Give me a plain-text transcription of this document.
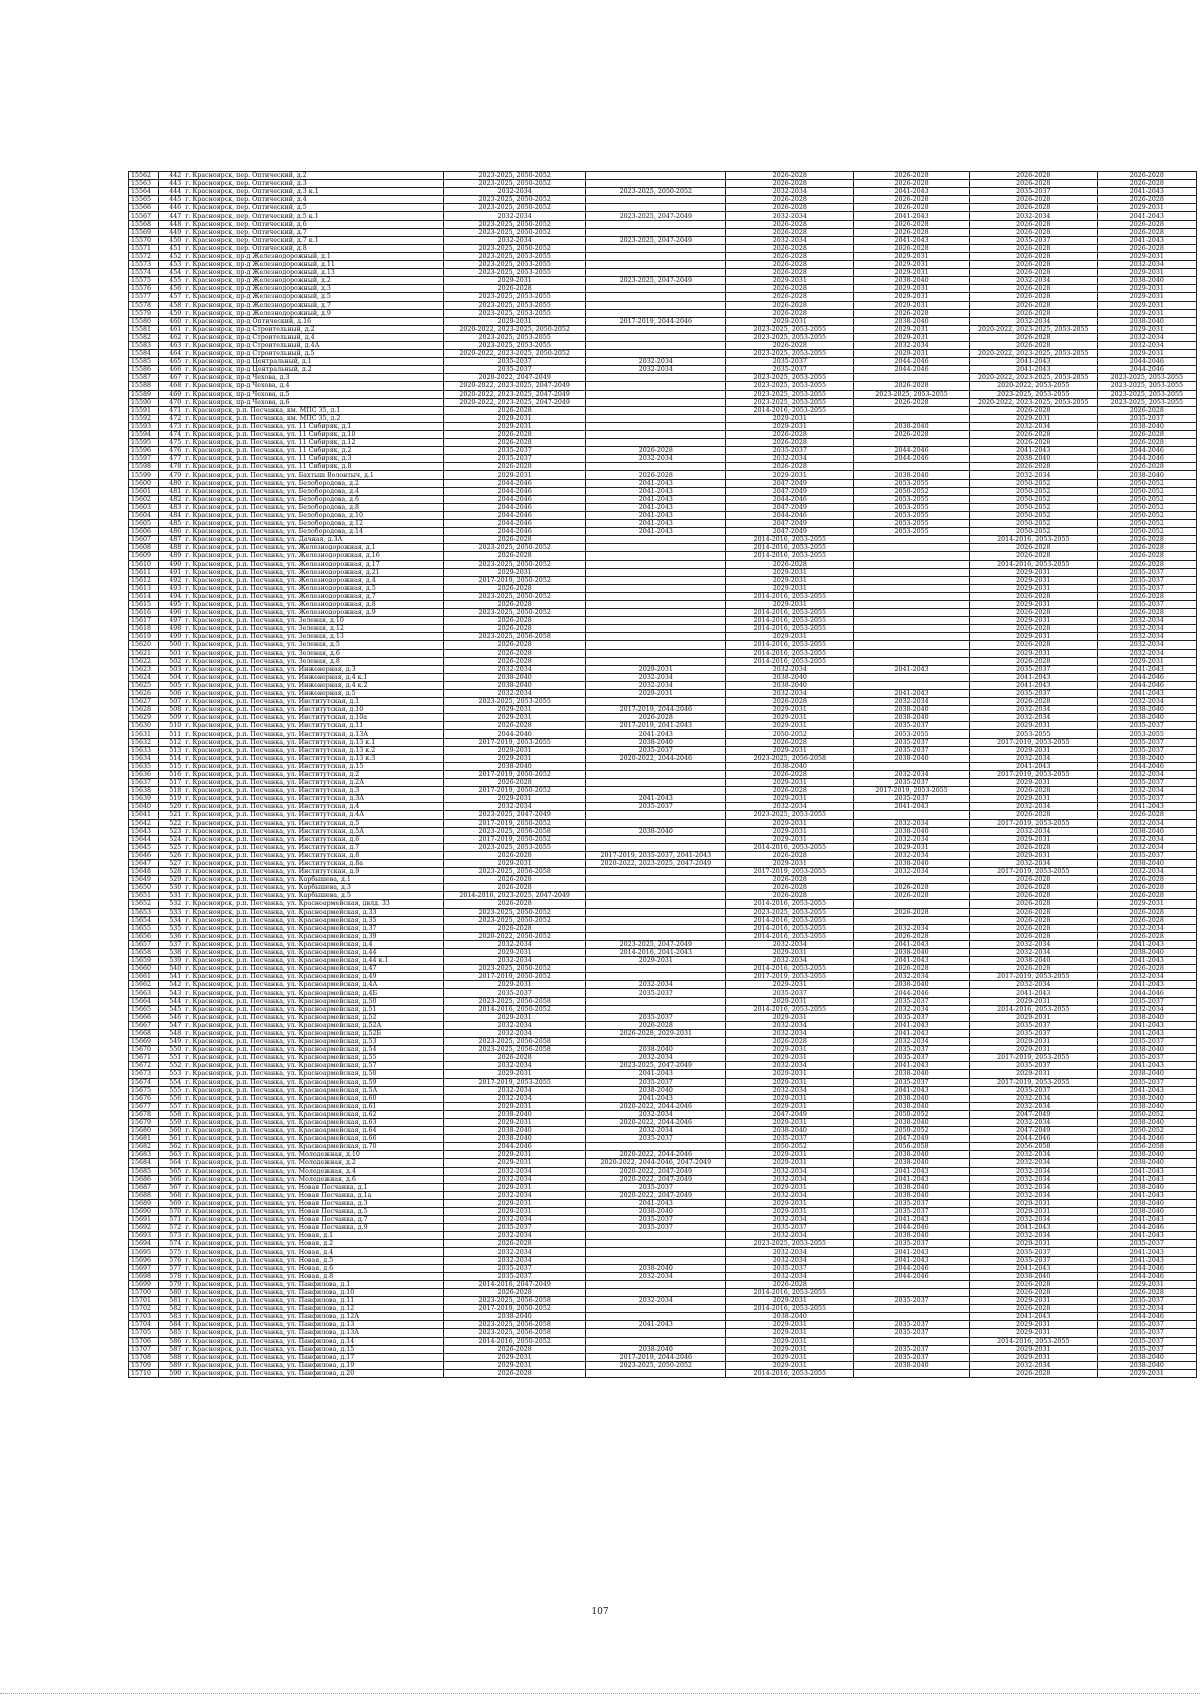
15562	442	г. Красноярск, пер. Оптический, д.2	2023-2025, 2050-2052		2026-2028	2026-2028	2026-2028	2026-2028
15563	443	г. Красноярск, пер. Оптический, д.3	2023-2025, 2050-2052		2026-2028	2026-2028	2026-2028	2026-2028
15564	444	г. Красноярск, пер. Оптический, д.3 к.1	2032-2034	2023-2025, 2050-2052	2032-2034	2041-2043	2035-2037	2041-2043
15565	445	г. Красноярск, пер. Оптический, д.4	2023-2025, 2050-2052		2026-2028	2026-2028	2026-2028	2026-2028
15566	446	г. Красноярск, пер. Оптический, д.5	2023-2025, 2050-2052		2026-2028	2026-2028	2026-2028	2029-2031
15567	447	г. Красноярск, пер. Оптический, д.5 к.1	2032-2034	2023-2025, 2047-2049	2032-2034	2041-2043	2032-2034	2041-2043
15568	448	г. Красноярск, пер. Оптический, д.6	2023-2025, 2050-2052		2026-2028	2026-2028	2026-2028	2026-2028
15569	449	г. Красноярск, пер. Оптический, д.7	2023-2025, 2050-2052		2026-2028	2026-2028	2026-2028	2026-2028
15570	450	г. Красноярск, пер. Оптический, д.7 к.1	2032-2034	2023-2025, 2047-2049	2032-2034	2041-2043	2035-2037	2041-2043
15571	451	г. Красноярск, пер. Оптический, д.8	2023-2025, 2050-2052		2026-2028	2026-2028	2026-2028	2026-2028
15572	452	г. Красноярск, пр-д Железнодорожный, д.1	2023-2025, 2053-2055		2026-2028	2029-2031	2026-2028	2029-2031
15573	453	г. Красноярск, пр-д Железнодорожный, д.11	2023-2025, 2053-2055		2026-2028	2029-2031	2026-2028	2032-2034
15574	454	г. Красноярск, пр-д Железнодорожный, д.13	2023-2025, 2053-2055		2026-2028	2029-2031	2026-2028	2029-2031
15575	455	г. Красноярск, пр-д Железнодорожный, д.2	2029-2031	2023-2025, 2047-2049	2029-2031	2038-2040	2032-2034	2038-2040
15576	456	г. Красноярск, пр-д Железнодорожный, д.3	2026-2028		2026-2028	2029-2031	2026-2028	2029-2031
15577	457	г. Красноярск, пр-д Железнодорожный, д.5	2023-2025, 2053-2055		2026-2028	2029-2031	2026-2028	2029-2031
15578	458	г. Красноярск, пр-д Железнодорожный, д.7	2023-2025, 2053-2055		2026-2028	2029-2031	2026-2028	2029-2031
15579	459	г. Красноярск, пр-д Железнодорожный, д.9	2023-2025, 2053-2055		2026-2028	2026-2028	2026-2028	2029-2031
15580	460	г. Красноярск, пр-д Оптический, д.16	2029-2031	2017-2019, 2044-2046	2029-2031	2038-2040	2032-2034	2038-2040
15581	461	г. Красноярск, пр-д Строительный, д.2	2020-2022, 2023-2025, 2050-2052		2023-2025, 2053-2055	2029-2031	2020-2022, 2023-2025, 2053-2055	2029-2031
15582	462	г. Красноярск, пр-д Строительный, д.4	2023-2025, 2053-2055		2023-2025, 2053-2055	2029-2031	2026-2028	2032-2034
15583	463	г. Красноярск, пр-д Строительный, д.4А	2023-2025, 2053-2055		2026-2028	2032-2034	2026-2028	2032-2034
15584	464	г. Красноярск, пр-д Строительный, д.5	2020-2022, 2023-2025, 2050-2052		2023-2025, 2053-2055	2029-2031	2020-2022, 2023-2025, 2053-2055	2029-2031
15585	465	г. Красноярск, пр-д Центральный, д.1	2035-2037	2032-2034	2035-2037	2044-2046	2041-2043	2044-2046
15586	466	г. Красноярск, пр-д Центральный, д.2	2035-2037	2032-2034	2035-2037	2044-2046	2041-2043	2044-2046
15587	467	г. Красноярск, пр-д Чехова, д.3	2020-2022, 2047-2049		2023-2025, 2053-2055		2020-2022, 2023-2025, 2053-2055	2023-2025, 2053-2055
15588	468	г. Красноярск, пр-д Чехова, д.4	2020-2022, 2023-2025, 2047-2049		2023-2025, 2053-2055	2026-2028	2020-2022, 2053-2055	2023-2025, 2053-2055
15589	469	г. Красноярск, пр-д Чехова, д.5	2020-2022, 2023-2025, 2047-2049		2023-2025, 2053-2055	2023-2025, 2053-2055	2023-2025, 2053-2055	2023-2025, 2053-2055
15590	470	г. Красноярск, пр-д Чехова, д.6	2020-2022, 2023-2025, 2047-2049		2023-2025, 2053-2055	2026-2028	2020-2022, 2023-2025, 2053-2055	2023-2025, 2053-2055
15591	471	г. Красноярск, р.п. Песчанка, км. МПС 35, д.1	2026-2028		2014-2016, 2053-2055		2026-2028	2026-2028
15592	472	г. Красноярск, р.п. Песчанка, км. МПС 35, д.2	2029-2031		2029-2031		2029-2031	2035-2037
15593	473	г. Красноярск, р.п. Песчанка, ул. 11 Сибиряк, д.1	2029-2031		2029-2031	2038-2040	2032-2034	2038-2040
15594	474	г. Красноярск, р.п. Песчанка, ул. 11 Сибиряк, д.10	2026-2028		2026-2028	2026-2028	2026-2028	2026-2028
15595	475	г. Красноярск, р.п. Песчанка, ул. 11 Сибиряк, д.12	2026-2028		2026-2028		2026-2028	2026-2028
15596	476	г. Красноярск, р.п. Песчанка, ул. 11 Сибиряк, д.2	2035-2037	2026-2028	2035-2037	2044-2046	2041-2043	2044-2046
15597	477	г. Красноярск, р.п. Песчанка, ул. 11 Сибиряк, д.3	2035-2037	2032-2034	2032-2034	2044-2046	2038-2040	2044-2046
15598	478	г. Красноярск, р.п. Песчанка, ул. 11 Сибиряк, д.8	2026-2028		2026-2028		2026-2028	2026-2028
15599	479	г. Красноярск, р.п. Песчанка, ул. Бахтыш Волонтыч, д.1	2029-2031	2026-2028	2029-2031	2038-2040	2032-2034	2038-2040
15600	480	г. Красноярск, р.п. Песчанка, ул. Белобородова, д.2	2044-2046	2041-2043	2047-2049	2053-2055	2050-2052	2050-2052
15601	481	г. Красноярск, р.п. Песчанка, ул. Белобородова, д.4	2044-2046	2041-2043	2047-2049	2050-2052	2050-2052	2050-2052
15602	482	г. Красноярск, р.п. Песчанка, ул. Белобородова, д.6	2044-2046	2041-2043	2044-2046	2053-2055	2050-2052	2050-2052
15603	483	г. Красноярск, р.п. Песчанка, ул. Белобородова, д.8	2044-2046	2041-2043	2047-2049	2053-2055	2050-2052	2050-2052
15604	484	г. Красноярск, р.п. Песчанка, ул. Белобородова, д.10	2044-2046	2041-2043	2044-2046	2053-2055	2050-2052	2050-2052
15605	485	г. Красноярск, р.п. Песчанка, ул. Белобородова, д.12	2044-2046	2041-2043	2047-2049	2053-2055	2050-2052	2050-2052
15606	486	г. Красноярск, р.п. Песчанка, ул. Белобородова, д.14	2044-2046	2041-2043	2047-2049	2053-2055	2050-2052	2050-2052
15607	487	г. Красноярск, р.п. Песчанка, ул. Дачная, д.3А	2026-2028		2014-2016, 2053-2055		2014-2016, 2053-2055	2026-2028
15608	488	г. Красноярск, р.п. Песчанка, ул. Железнодорожная, д.1	2023-2025, 2050-2052		2014-2016, 2053-2055		2026-2028	2026-2028
15609	489	г. Красноярск, р.п. Песчанка, ул. Железнодорожная, д.16	2026-2028		2014-2016, 2053-2055		2026-2028	2026-2028
15610	490	г. Красноярск, р.п. Песчанка, ул. Железнодорожная, д.17	2023-2025, 2050-2052		2026-2028		2014-2016, 2053-2055	2026-2028
15611	491	г. Красноярск, р.п. Песчанка, ул. Железнодорожная, д.21	2029-2031		2029-2031		2029-2031	2035-2037
15612	492	г. Красноярск, р.п. Песчанка, ул. Железнодорожная, д.4	2017-2019, 2050-2052		2029-2031		2029-2031	2035-2037
15613	493	г. Красноярск, р.п. Песчанка, ул. Железнодорожная, д.5	2026-2028		2029-2031		2029-2031	2035-2037
15614	494	г. Красноярск, р.п. Песчанка, ул. Железнодорожная, д.7	2023-2025, 2050-2052		2014-2016, 2053-2055		2026-2028	2026-2028
15615	495	г. Красноярск, р.п. Песчанка, ул. Железнодорожная, д.8	2026-2028		2029-2031		2029-2031	2035-2037
15616	496	г. Красноярск, р.п. Песчанка, ул. Железнодорожная, д.9	2023-2025, 2050-2052		2014-2016, 2053-2055		2026-2028	2026-2028
15617	497	г. Красноярск, р.п. Песчанка, ул. Зеленая, д.10	2026-2028		2014-2016, 2053-2055		2029-2031	2032-2034
15618	498	г. Красноярск, р.п. Песчанка, ул. Зеленая, д.12	2026-2028		2014-2016, 2053-2055		2026-2028	2032-2034
15619	499	г. Красноярск, р.п. Песчанка, ул. Зеленая, д.13	2023-2025, 2056-2058		2029-2031		2029-2031	2032-2034
15620	500	г. Красноярск, р.п. Песчанка, ул. Зеленая, д.5	2026-2028		2014-2016, 2053-2055		2026-2028	2032-2034
15621	501	г. Красноярск, р.п. Песчанка, ул. Зеленая, д.6	2026-2028		2014-2016, 2053-2055		2029-2031	2032-2034
15622	502	г. Красноярск, р.п. Песчанка, ул. Зеленая, д.8	2026-2028		2014-2016, 2053-2055		2026-2028	2029-2031
15623	503	г. Красноярск, р.п. Песчанка, ул. Инженерная, д.3	2032-2034	2029-2031	2032-2034	2041-2043	2035-2037	2041-2043
15624	504	г. Красноярск, р.п. Песчанка, ул. Инженерная, д.4 к.1	2038-2040	2032-2034	2038-2040		2041-2043	2044-2046
15625	505	г. Красноярск, р.п. Песчанка, ул. Инженерная, д.4 к.2	2038-2040	2032-2034	2038-2040		2041-2043	2044-2046
15626	506	г. Красноярск, р.п. Песчанка, ул. Инженерная, д.5	2032-2034	2029-2031	2032-2034	2041-2043	2035-2037	2041-2043
15627	507	г. Красноярск, р.п. Песчанка, ул. Институтская, д.1	2023-2025, 2053-2055		2026-2028	2032-2034	2026-2028	2032-2034
15628	508	г. Красноярск, р.п. Песчанка, ул. Институтская, д.10	2029-2031	2017-2019, 2044-2046	2029-2031	2038-2040	2032-2034	2038-2040
15629	509	г. Красноярск, р.п. Песчанка, ул. Институтская, д.10а	2029-2031	2026-2028	2029-2031	2038-2040	2032-2034	2038-2040
15630	510	г. Красноярск, р.п. Песчанка, ул. Институтская, д.11	2026-2028	2017-2019, 2041-2043	2029-2031	2035-2037	2029-2031	2035-2037
15631	511	г. Красноярск, р.п. Песчанка, ул. Институтская, д.13А	2044-2046	2041-2043	2050-2052	2053-2055	2053-2055	2053-2055
15632	512	г. Красноярск, р.п. Песчанка, ул. Институтская, д.13 к.1	2017-2019, 2053-2055	2038-2040	2026-2028	2035-2037	2017-2019, 2053-2055	2035-2037
15633	513	г. Красноярск, р.п. Песчанка, ул. Институтская, д.13 к.2	2029-2031	2035-2037	2029-2031	2035-2037	2029-2031	2035-2037
15634	514	г. Красноярск, р.п. Песчанка, ул. Институтская, д.13 к.3	2029-2031	2020-2022, 2044-2046	2023-2025, 2056-2058	2038-2040	2032-2034	2038-2040
15635	515	г. Красноярск, р.п. Песчанка, ул. Институтская, д.15	2038-2040		2038-2040		2041-2043	2044-2046
15636	516	г. Красноярск, р.п. Песчанка, ул. Институтская, д.2	2017-2019, 2050-2052		2026-2028	2032-2034	2017-2019, 2053-2055	2032-2034
15637	517	г. Красноярск, р.п. Песчанка, ул. Институтская, д.2А	2026-2028		2029-2031	2035-2037	2029-2031	2035-2037
15638	518	г. Красноярск, р.п. Песчанка, ул. Институтская, д.3	2017-2019, 2050-2052		2026-2028	2017-2019, 2053-2055	2026-2028	2032-2034
15639	519	г. Красноярск, р.п. Песчанка, ул. Институтская, д.3А	2029-2031	2041-2043	2029-2031	2035-2037	2029-2031	2035-2037
15640	520	г. Красноярск, р.п. Песчанка, ул. Институтская, д.4	2032-2034	2035-2037	2032-2034	2041-2043	2032-2034	2041-2043
15641	521	г. Красноярск, р.п. Песчанка, ул. Институтская, д.4А	2023-2025, 2047-2049		2023-2025, 2053-2055		2026-2028	2026-2028
15642	522	г. Красноярск, р.п. Песчанка, ул. Институтская, д.5	2017-2019, 2050-2052		2029-2031	2032-2034	2017-2019, 2053-2055	2032-2034
15643	523	г. Красноярск, р.п. Песчанка, ул. Институтская, д.5А	2023-2025, 2056-2058	2038-2040	2029-2031	2038-2040	2032-2034	2038-2040
15644	524	г. Красноярск, р.п. Песчанка, ул. Институтская, д.6	2017-2019, 2050-2052		2029-2031	2032-2034	2029-2031	2032-2034
15645	525	г. Красноярск, р.п. Песчанка, ул. Институтская, д.7	2023-2025, 2053-2055		2014-2016, 2053-2055	2029-2031	2026-2028	2032-2034
15646	526	г. Красноярск, р.п. Песчанка, ул. Институтская, д.8	2026-2028	2017-2019, 2035-2037, 2041-2043	2026-2028	2032-2034	2029-2031	2035-2037
15647	527	г. Красноярск, р.п. Песчанка, ул. Институтская, д.8а	2029-2031	2020-2022, 2023-2025, 2047-2049	2029-2031	2038-2040	2032-2034	2038-2040
15648	528	г. Красноярск, р.п. Песчанка, ул. Институтская, д.9	2023-2025, 2056-2058		2017-2019, 2053-2055	2032-2034	2017-2019, 2053-2055	2032-2034
15649	529	г. Красноярск, р.п. Песчанка, ул. Карбышева, д.1	2026-2028		2026-2028		2026-2028	2026-2028
15650	530	г. Красноярск, р.п. Песчанка, ул. Карбышева, д.3	2026-2028		2026-2028	2026-2028	2026-2028	2026-2028
15651	531	г. Красноярск, р.п. Песчанка, ул. Карбышева, д.5	2014-2016, 2023-2025, 2047-2049		2026-2028	2026-2028	2026-2028	2026-2028
15652	532	г. Красноярск, р.п. Песчанка, ул. Красноармейская, двлд. 33	2026-2028		2014-2016, 2053-2055		2026-2028	2029-2031
15653	533	г. Красноярск, р.п. Песчанка, ул. Красноармейская, д.33	2023-2025, 2050-2052		2023-2025, 2053-2055	2026-2028	2026-2028	2026-2028
15654	534	г. Красноярск, р.п. Песчанка, ул. Красноармейская, д.35	2023-2025, 2050-2052		2014-2016, 2053-2055		2026-2028	2026-2028
15655	535	г. Красноярск, р.п. Песчанка, ул. Красноармейская, д.37	2026-2028		2014-2016, 2053-2055	2032-2034	2026-2028	2032-2034
15656	536	г. Красноярск, р.п. Песчанка, ул. Красноармейская, д.39	2020-2022, 2050-2052		2014-2016, 2053-2055	2026-2028	2026-2028	2026-2028
15657	537	г. Красноярск, р.п. Песчанка, ул. Красноармейская, д.4	2032-2034	2023-2025, 2047-2049	2032-2034	2041-2043	2032-2034	2041-2043
15658	538	г. Красноярск, р.п. Песчанка, ул. Красноармейская, д.44	2029-2031	2014-2016, 2041-2043	2029-2031	2038-2040	2032-2034	2038-2040
15659	539	г. Красноярск, р.п. Песчанка, ул. Красноармейская, д.44 к.1	2032-2034	2029-2031	2032-2034	2041-2043	2038-2040	2041-2043
15660	540	г. Красноярск, р.п. Песчанка, ул. Красноармейская, д.47	2023-2025, 2050-2052		2014-2016, 2053-2055	2026-2028	2026-2028	2026-2028
15661	541	г. Красноярск, р.п. Песчанка, ул. Красноармейская, д.49	2017-2019, 2050-2052		2017-2019, 2053-2055	2032-2034	2017-2019, 2053-2055	2032-2034
15662	542	г. Красноярск, р.п. Песчанка, ул. Красноармейская, д.4А	2029-2031	2032-2034	2029-2031	2038-2040	2032-2034	2041-2043
15663	543	г. Красноярск, р.п. Песчанка, ул. Красноармейская, д.4Б	2035-2037	2035-2037	2035-2037	2044-2046	2041-2043	2044-2046
15664	544	г. Красноярск, р.п. Песчанка, ул. Красноармейская, д.50	2023-2025, 2056-2058		2029-2031	2035-2037	2029-2031	2035-2037
15665	545	г. Красноярск, р.п. Песчанка, ул. Красноармейская, д.51	2014-2016, 2050-2052		2014-2016, 2053-2055	2032-2034	2014-2016, 2053-2055	2032-2034
15666	546	г. Красноярск, р.п. Песчанка, ул. Красноармейская, д.52	2029-2031	2035-2037	2029-2031	2035-2037	2029-2031	2038-2040
15667	547	г. Красноярск, р.п. Песчанка, ул. Красноармейская, д.52А	2032-2034	2026-2028	2032-2034	2041-2043	2035-2037	2041-2043
15668	548	г. Красноярск, р.п. Песчанка, ул. Красноармейская, д.52Б	2032-2034	2026-2028, 2029-2031	2032-2034	2041-2043	2035-2037	2041-2043
15669	549	г. Красноярск, р.п. Песчанка, ул. Красноармейская, д.53	2023-2025, 2056-2058		2026-2028	2032-2034	2029-2031	2035-2037
15670	550	г. Красноярск, р.п. Песчанка, ул. Красноармейская, д.54	2023-2025, 2056-2058	2038-2040	2029-2031	2035-2037	2029-2031	2038-2040
15671	551	г. Красноярск, р.п. Песчанка, ул. Красноармейская, д.55	2026-2028	2032-2034	2029-2031	2035-2037	2017-2019, 2053-2055	2035-2037
15672	552	г. Красноярск, р.п. Песчанка, ул. Красноармейская, д.57	2032-2034	2023-2025, 2047-2049	2032-2034	2041-2043	2035-2037	2041-2043
15673	553	г. Красноярск, р.п. Песчанка, ул. Красноармейская, д.58	2029-2031	2041-2043	2029-2031	2038-2040	2029-2031	2038-2040
15674	554	г. Красноярск, р.п. Песчанка, ул. Красноармейская, д.59	2017-2019, 2053-2055	2035-2037	2029-2031	2035-2037	2017-2019, 2053-2055	2035-2037
15675	555	г. Красноярск, р.п. Песчанка, ул. Красноармейская, д.5А	2032-2034	2038-2040	2032-2034	2041-2043	2035-2037	2041-2043
15676	556	г. Красноярск, р.п. Песчанка, ул. Красноармейская, д.60	2032-2034	2041-2043	2029-2031	2038-2040	2032-2034	2038-2040
15677	557	г. Красноярск, р.п. Песчанка, ул. Красноармейская, д.61	2029-2031	2020-2022, 2044-2046	2029-2031	2038-2040	2032-2034	2038-2040
15678	558	г. Красноярск, р.п. Песчанка, ул. Красноармейская, д.62	2038-2040	2032-2034	2047-2049	2050-2052	2047-2049	2050-2052
15679	559	г. Красноярск, р.п. Песчанка, ул. Красноармейская, д.63	2029-2031	2020-2022, 2044-2046	2029-2031	2038-2040	2032-2034	2038-2040
15680	560	г. Красноярск, р.п. Песчанка, ул. Красноармейская, д.64	2038-2040	2032-2034	2038-2040	2050-2052	2047-2049	2050-2052
15681	561	г. Красноярск, р.п. Песчанка, ул. Красноармейская, д.66	2038-2040	2035-2037	2035-2037	2047-2049	2044-2046	2044-2046
15682	562	г. Красноярск, р.п. Песчанка, ул. Красноармейская, д.70	2044-2046		2050-2052	2056-2058	2056-2058	2056-2058
15683	563	г. Красноярск, р.п. Песчанка, ул. Молодежная, д.10	2029-2031	2020-2022, 2044-2046	2029-2031	2038-2040	2032-2034	2038-2040
15684	564	г. Красноярск, р.п. Песчанка, ул. Молодежная, д.2	2029-2031	2020-2022, 2044-2046, 2047-2049	2029-2031	2038-2040	2032-2034	2038-2040
15685	565	г. Красноярск, р.п. Песчанка, ул. Молодежная, д.4	2032-2034	2020-2022, 2047-2049	2032-2034	2041-2043	2032-2034	2041-2043
15686	566	г. Красноярск, р.п. Песчанка, ул. Молодежная, д.6	2032-2034	2020-2022, 2047-2049	2032-2034	2041-2043	2032-2034	2041-2043
15687	567	г. Красноярск, р.п. Песчанка, ул. Новая Песчанка, д.1	2029-2031	2035-2037	2029-2031	2038-2040	2032-2034	2038-2040
15688	568	г. Красноярск, р.п. Песчанка, ул. Новая Песчанка, д.1а	2032-2034	2020-2022, 2047-2049	2032-2034	2038-2040	2032-2034	2041-2043
15689	569	г. Красноярск, р.п. Песчанка, ул. Новая Песчанка, д.3	2029-2031	2041-2043	2029-2031	2035-2037	2029-2031	2038-2040
15690	570	г. Красноярск, р.п. Песчанка, ул. Новая Песчанка, д.5	2029-2031	2038-2040	2029-2031	2035-2037	2029-2031	2038-2040
15691	571	г. Красноярск, р.п. Песчанка, ул. Новая Песчанка, д.7	2032-2034	2035-2037	2032-2034	2041-2043	2032-2034	2041-2043
15692	572	г. Красноярск, р.п. Песчанка, ул. Новая Песчанка, д.9	2035-2037	2035-2037	2035-2037	2044-2046	2041-2043	2044-2046
15693	573	г. Красноярск, р.п. Песчанка, ул. Новая, д.1	2032-2034		2032-2034	2038-2040	2032-2034	2041-2043
15694	574	г. Красноярск, р.п. Песчанка, ул. Новая, д.2	2026-2028		2023-2025, 2053-2055	2035-2037	2029-2031	2035-2037
15695	575	г. Красноярск, р.п. Песчанка, ул. Новая, д.4	2032-2034		2032-2034	2041-2043	2035-2037	2041-2043
15696	576	г. Красноярск, р.п. Песчанка, ул. Новая, д.5	2032-2034		2032-2034	2041-2043	2035-2037	2041-2043
15697	577	г. Красноярск, р.п. Песчанка, ул. Новая, д.6	2035-2037	2038-2040	2035-2037	2044-2046	2041-2043	2044-2046
15698	578	г. Красноярск, р.п. Песчанка, ул. Новая, д.8	2035-2037	2032-2034	2032-2034	2044-2046	2038-2040	2044-2046
15699	579	г. Красноярск, р.п. Песчанка, ул. Панфилова, д.1	2014-2016, 2047-2049		2026-2028		2026-2028	2029-2031
15700	580	г. Красноярск, р.п. Песчанка, ул. Панфилова, д.10	2026-2028		2014-2016, 2053-2055		2026-2028	2026-2028
15701	581	г. Красноярск, р.п. Песчанка, ул. Панфилова, д.11	2023-2025, 2056-2058	2032-2034	2029-2031	2035-2037	2029-2031	2035-2037
15702	582	г. Красноярск, р.п. Песчанка, ул. Панфилова, д.12	2017-2019, 2050-2052		2014-2016, 2053-2055		2026-2028	2032-2034
15703	583	г. Красноярск, р.п. Песчанка, ул. Панфилова, д.12А	2038-2040		2038-2040		2041-2043	2044-2046
15704	584	г. Красноярск, р.п. Песчанка, ул. Панфилова, д.13	2023-2025, 2056-2058	2041-2043	2029-2031	2035-2037	2029-2031	2035-2037
15705	585	г. Красноярск, р.п. Песчанка, ул. Панфилова, д.13А	2023-2025, 2056-2058		2029-2031	2035-2037	2029-2031	2035-2037
15706	586	г. Красноярск, р.п. Песчанка, ул. Панфилова, д.14	2014-2016, 2050-2052		2029-2031		2014-2016, 2053-2055	2035-2037
15707	587	г. Красноярск, р.п. Песчанка, ул. Панфилова, д.15	2026-2028	2038-2040	2029-2031	2035-2037	2029-2031	2035-2037
15708	588	г. Красноярск, р.п. Песчанка, ул. Панфилова, д.17	2029-2031	2017-2019, 2044-2046	2029-2031	2035-2037	2029-2031	2038-2040
15709	589	г. Красноярск, р.п. Песчанка, ул. Панфилова, д.19	2029-2031	2023-2025, 2050-2052	2029-2031	2038-2040	2032-2034	2038-2040
15710	590	г. Красноярск, р.п. Песчанка, ул. Панфилова, д.20	2026-2028		2014-2016, 2053-2055		2026-2028	2029-2031
107
